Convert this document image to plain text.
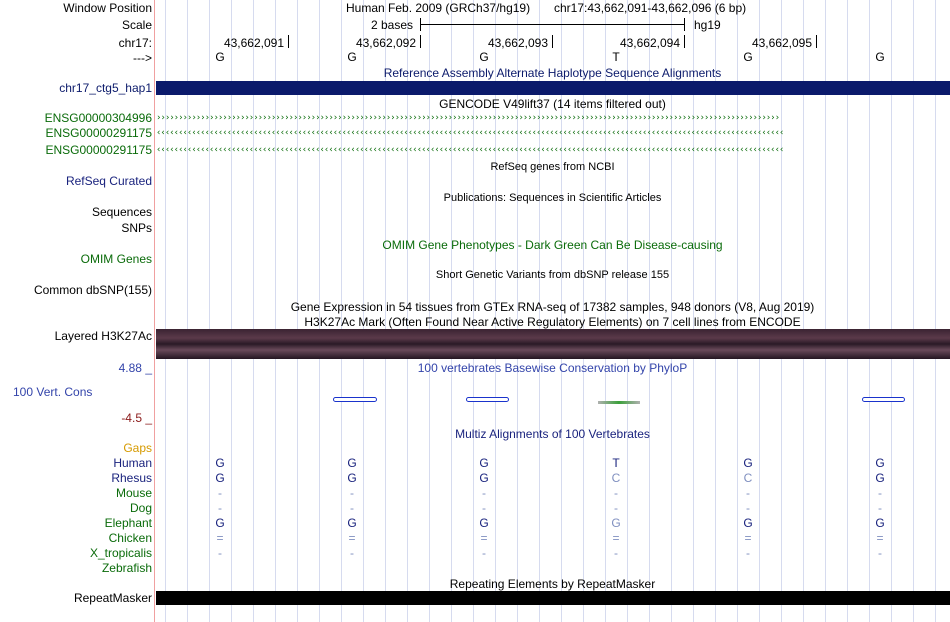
Window Position
Scale
chr17:
--->
Human Feb. 2009 (GRCh37/hg19) chr17:43,662,091-43,662,096 (6 bp)
2 bases	hg19
43,662,091	43,662,092	43,662,093	43,662,094	43,662,095
G	G	G	T	G	G
Reference Assembly Alternate Haplotype Sequence Alignments
chr17_ctg5_hap1
GENCODE V49lift37 (14 items filtered out)
ENSG00000304996
ENSG00000291175
ENSG00000291175
›››››››››››››››››››››››››››››››››››››››››››››››››››››››››››››››››››››››››››››››››››››››››››››››››››››››››››››››››››››››››››››››››››››››››››››
‹‹‹‹‹‹‹‹‹‹‹‹‹‹‹‹‹‹‹‹‹‹‹‹‹‹‹‹‹‹‹‹‹‹‹‹‹‹‹‹‹‹‹‹‹‹‹‹‹‹‹‹‹‹‹‹‹‹‹‹‹‹‹‹‹‹‹‹‹‹‹‹‹‹‹‹‹‹‹‹‹‹‹‹‹‹‹‹‹‹‹‹‹‹‹‹‹‹‹‹‹‹‹‹‹‹‹‹‹‹‹‹‹‹‹‹‹‹‹‹‹‹‹‹‹‹‹‹‹‹‹‹‹‹‹‹‹‹‹‹‹‹
‹‹‹‹‹‹‹‹‹‹‹‹‹‹‹‹‹‹‹‹‹‹‹‹‹‹‹‹‹‹‹‹‹‹‹‹‹‹‹‹‹‹‹‹‹‹‹‹‹‹‹‹‹‹‹‹‹‹‹‹‹‹‹‹‹‹‹‹‹‹‹‹‹‹‹‹‹‹‹‹‹‹‹‹‹‹‹‹‹‹‹‹‹‹‹‹‹‹‹‹‹‹‹‹‹‹‹‹‹‹‹‹‹‹‹‹‹‹‹‹‹‹‹‹‹‹‹‹‹‹‹‹‹‹‹‹‹‹‹‹‹‹
RefSeq genes from NCBI
RefSeq Curated
Publications: Sequences in Scientific Articles
Sequences
SNPs
OMIM Gene Phenotypes - Dark Green Can Be Disease-causing
OMIM Genes
Short Genetic Variants from dbSNP release 155
Common dbSNP(155)
Gene Expression in 54 tissues from GTEx RNA-seq of 17382 samples, 948 donors (V8, Aug 2019)
H3K27Ac Mark (Often Found Near Active Regulatory Elements) on 7 cell lines from ENCODE
Layered H3K27Ac
4.88 _	100 vertebrates Basewise Conservation by PhyloP
100 Vert. Cons
-4.5 _
Multiz Alignments of 100 Vertebrates
Gaps
Human	G	G	G	T	G	G
Rhesus	G	G	G	C	C	G
Mouse	-	-	-	-	-	-
Dog	-	-	-	-	-	-
Elephant	G	G	G	G	G	G
Chicken	=	=	=	=	=	=
X_tropicalis	-	-	-	-	-	-
Zebrafish
Repeating Elements by RepeatMasker
RepeatMasker
